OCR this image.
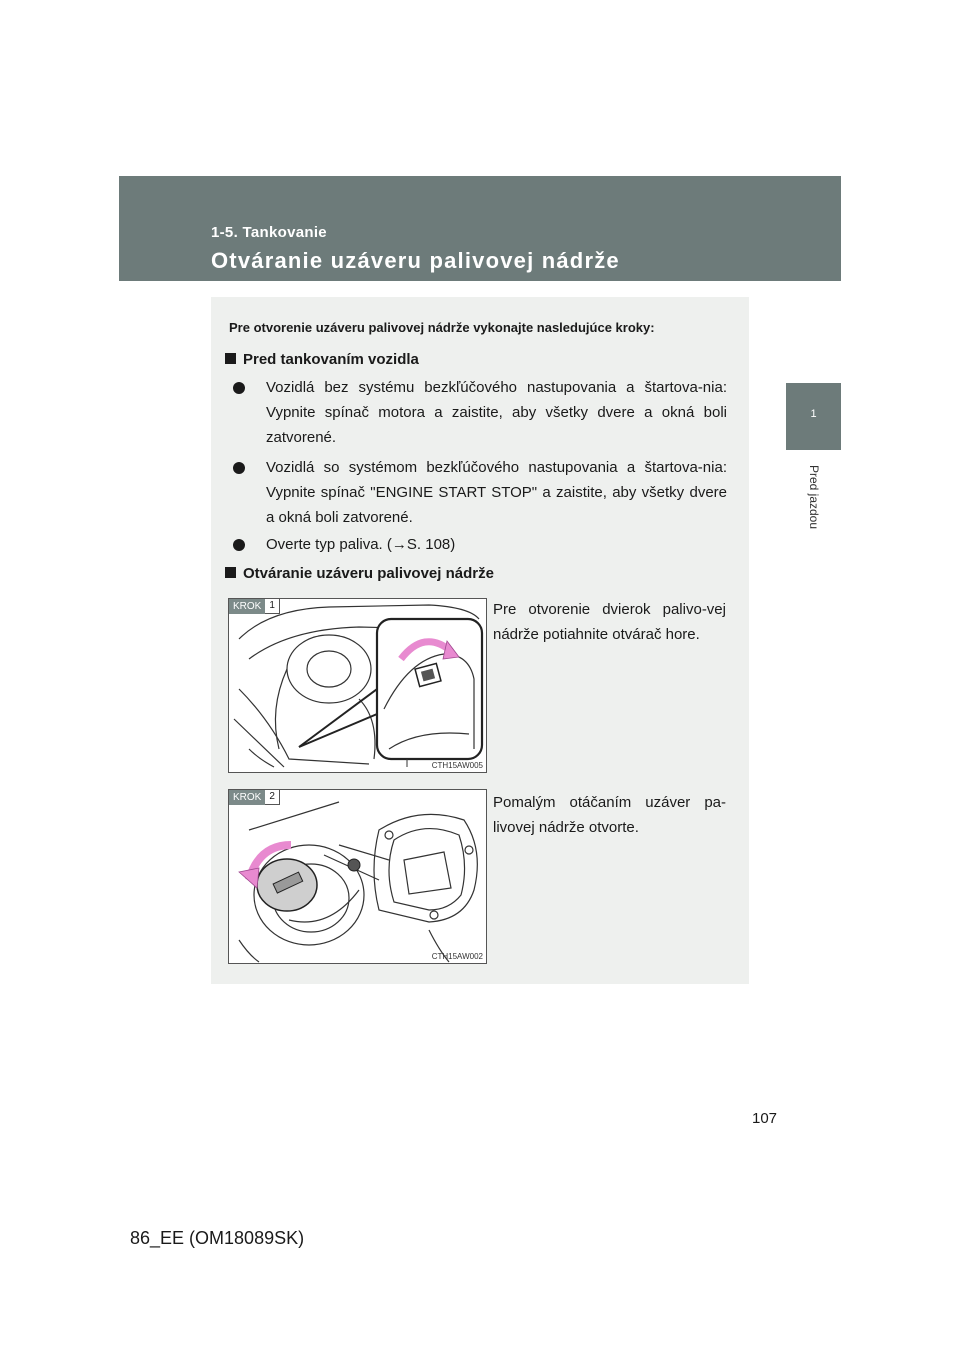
1-5. Tankovanie
Otváranie uzáveru palivovej nádrže
1
Pred jazdou
Pre otvorenie uzáveru palivovej nádrže vykonajte nasledujúce kroky:
Pred tankovaním vozidla
Vozidlá bez systému bezkľúčového nastupovania a štartova-nia: Vypnite spínač motora a zaistite, aby všetky dvere a okná boli zatvorené.
Vozidlá so systémom bezkľúčového nastupovania a štartova-nia: Vypnite spínač "ENGINE START STOP" a zaistite, aby všetky dvere a okná boli zatvorené.
Overte typ paliva. (→S. 108)
Otváranie uzáveru palivovej nádrže
KROK 1
CTH15AW005
Pre otvorenie dvierok palivo-vej nádrže potiahnite otvárač hore.
KROK 2
CTH15AW002
Pomalým otáčaním uzáver pa-livovej nádrže otvorte.
107
86_EE (OM18089SK)
